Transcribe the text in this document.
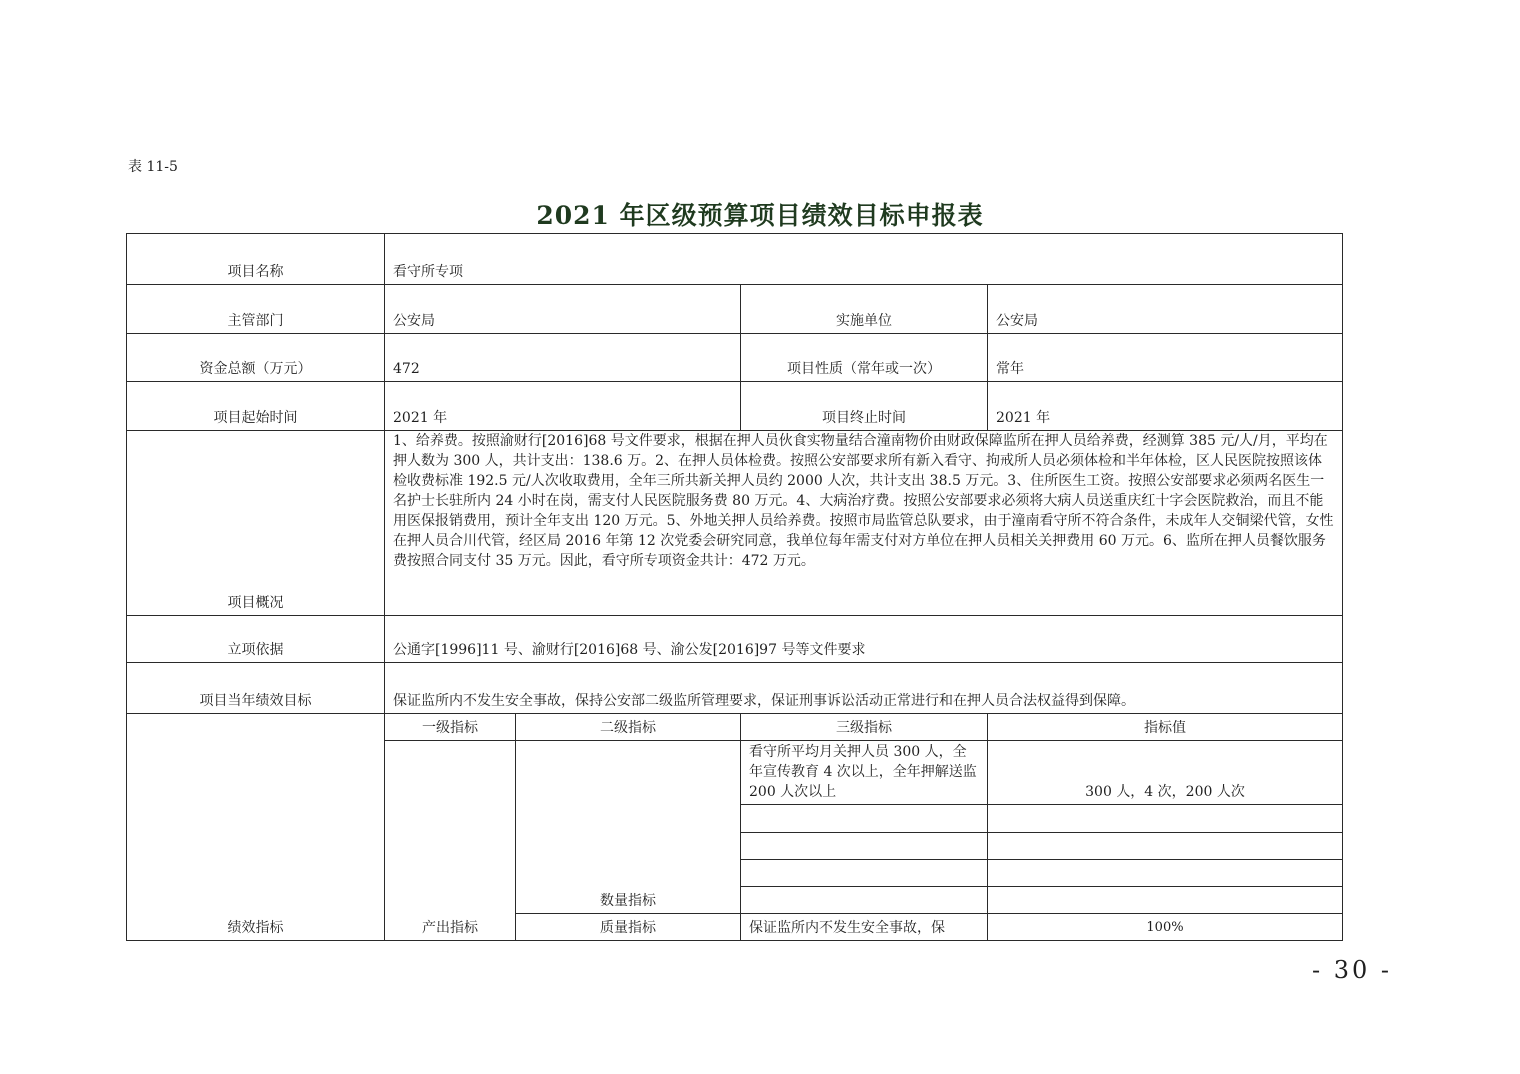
表 11-5
2021 年区级预算项目绩效目标申报表
项目名称	看守所专项			
主管部门	公安局		实施单位	公安局
资金总额（万元）	472		项目性质（常年或一次）	常年
项目起始时间	2021 年		项目终止时间	2021 年
项目概况	1、给养费。按照渝财行[2016]68 号文件要求，根据在押人员伙食实物量结合潼南物价由财政保障监所在押人员给养费，经测算 385 元/人/月，平均在押人数为 300 人，共计支出：138.6 万。2、在押人员体检费。按照公安部要求所有新入看守、拘戒所人员必须体检和半年体检，区人民医院按照该体检收费标准 192.5 元/人次收取费用，全年三所共新关押人员约 2000 人次，共计支出 38.5 万元。3、住所医生工资。按照公安部要求必须两名医生一名护士长驻所内 24 小时在岗，需支付人民医院服务费 80 万元。4、大病治疗费。按照公安部要求必须将大病人员送重庆红十字会医院救治，而且不能用医保报销费用，预计全年支出 120 万元。5、外地关押人员给养费。按照市局监管总队要求，由于潼南看守所不符合条件，未成年人交铜梁代管，女性在押人员合川代管，经区局 2016 年第 12 次党委会研究同意，我单位每年需支付对方单位在押人员相关关押费用 60 万元。6、监所在押人员餐饮服务费按照合同支付 35 万元。因此，看守所专项资金共计：472 万元。			
立项依据	公通字[1996]11 号、渝财行[2016]68 号、渝公发[2016]97 号等文件要求			
项目当年绩效目标	保证监所内不发生安全事故，保持公安部二级监所管理要求，保证刑事诉讼活动正常进行和在押人员合法权益得到保障。			
绩效指标	一级指标	二级指标	三级指标	指标值
	产出指标	数量指标	看守所平均月关押人员 300 人，全年宣传教育 4 次以上，全年押解送监 200 人次以上	300 人，4 次，200 人次

		质量指标	保证监所内不发生安全事故，保	100%
- 30 -
